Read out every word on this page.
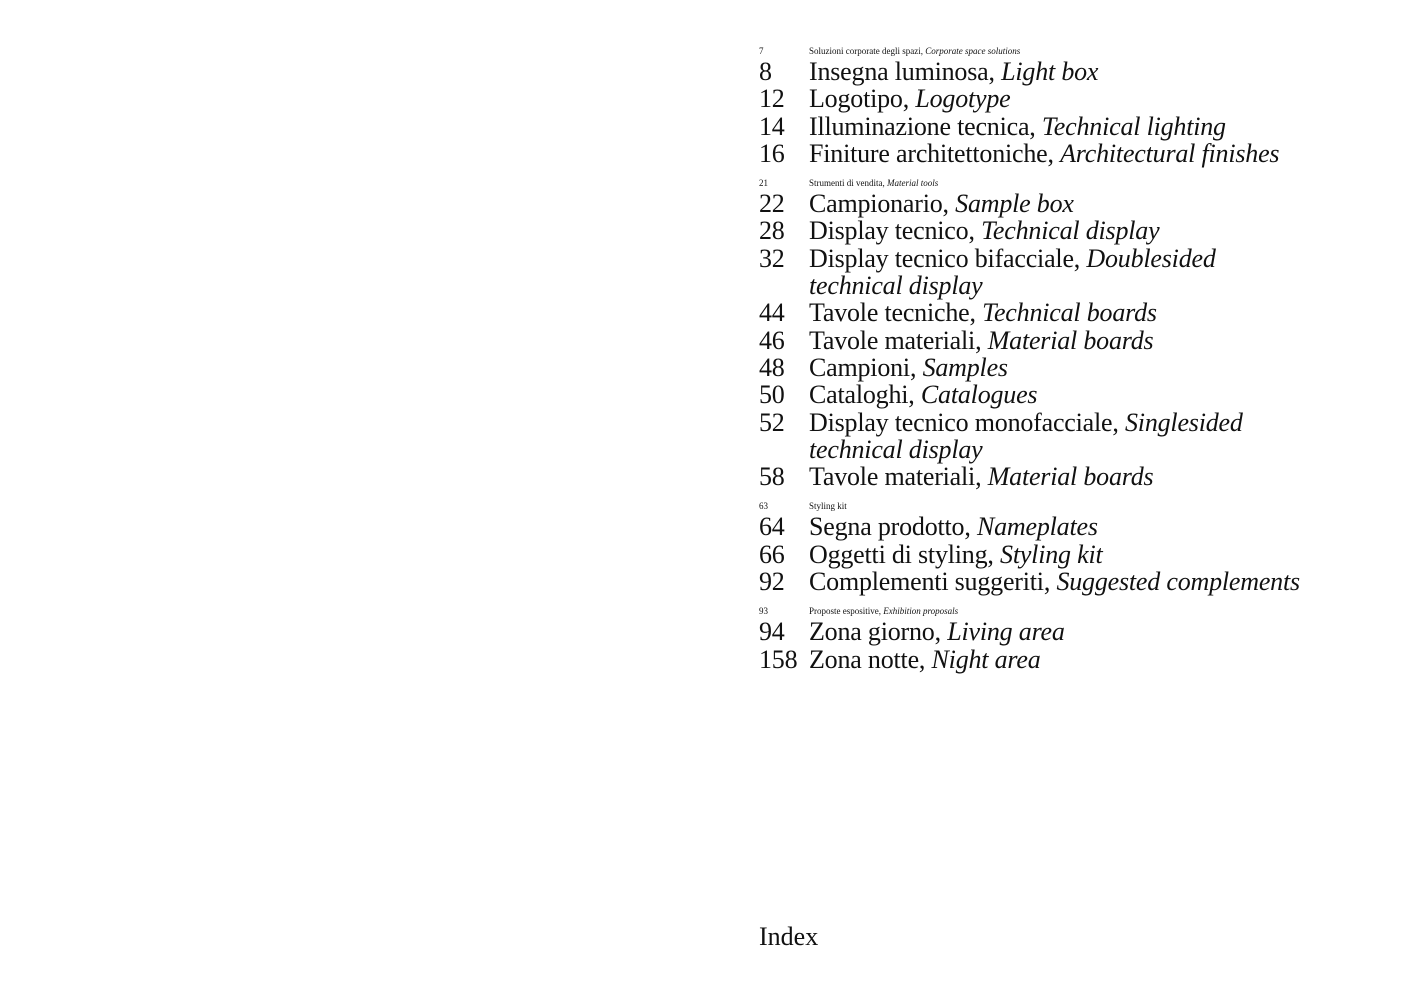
7	Soluzioni corporate degli spazi, Corporate space solutions
8	Insegna luminosa, Light box
12 Logotipo, Logotype
14 Illuminazione tecnica, Technical lighting
16 Finiture architettoniche, Architectural finishes
21	Strumenti di vendita, Material tools
22 Campionario, Sample box
28 Display tecnico, Technical display
32 Display tecnico bifacciale, Doublesided technical display
44 Tavole tecniche, Technical boards
46 Tavole materiali, Material boards
48 Campioni, Samples
50 Cataloghi, Catalogues
52 Display tecnico monofacciale, Singlesided technical display
58 Tavole materiali, Material boards
63	Styling kit
64 Segna prodotto, Nameplates
66 Oggetti di styling, Styling kit
92 Complementi suggeriti, Suggested complements
93	Proposte espositive, Exhibition proposals
94 Zona giorno, Living area
158 Zona notte, Night area
Index
